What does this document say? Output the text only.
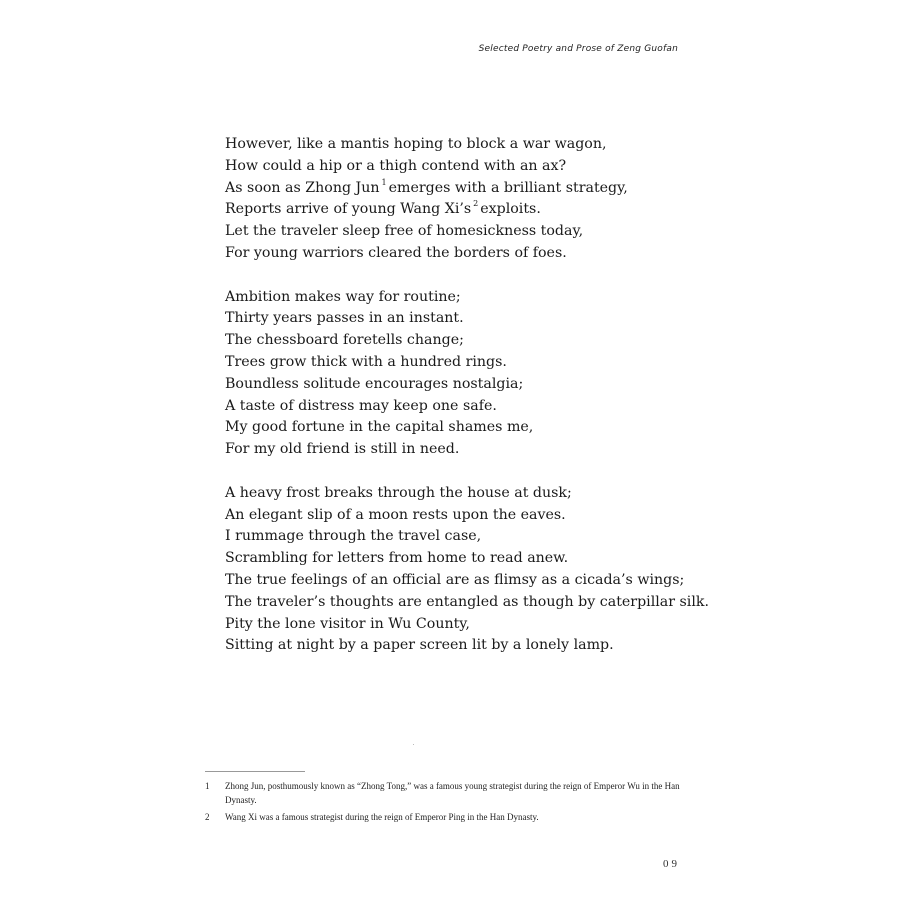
Selected Poetry and Prose of Zeng Guofan
However, like a mantis hoping to block a war wagon,
How could a hip or a thigh contend with an ax?
As soon as Zhong Jun $^1$ emerges with a brilliant strategy,
Reports arrive of young Wang Xi’s $^2$ exploits.
Let the traveler sleep free of homesickness today,
For young warriors cleared the borders of foes.
Ambition makes way for routine;
Thirty years passes in an instant.
The chessboard foretells change;
Trees grow thick with a hundred rings.
Boundless solitude encourages nostalgia;
A taste of distress may keep one safe.
My good fortune in the capital shames me,
For my old friend is still in need.
A heavy frost breaks through the house at dusk;
An elegant slip of a moon rests upon the eaves.
I rummage through the travel case,
Scrambling for letters from home to read anew.
The true feelings of an official are as flimsy as a cicada’s wings;
The traveler’s thoughts are entangled as though by caterpillar silk.
Pity the lone visitor in Wu County,
Sitting at night by a paper screen lit by a lonely lamp.
1	Zhong Jun, posthumously known as “Zhong Tong,” was a famous young strategist during the reign of Emperor Wu in the Han Dynasty.
2	Wang Xi was a famous strategist during the reign of Emperor Ping in the Han Dynasty.
09
